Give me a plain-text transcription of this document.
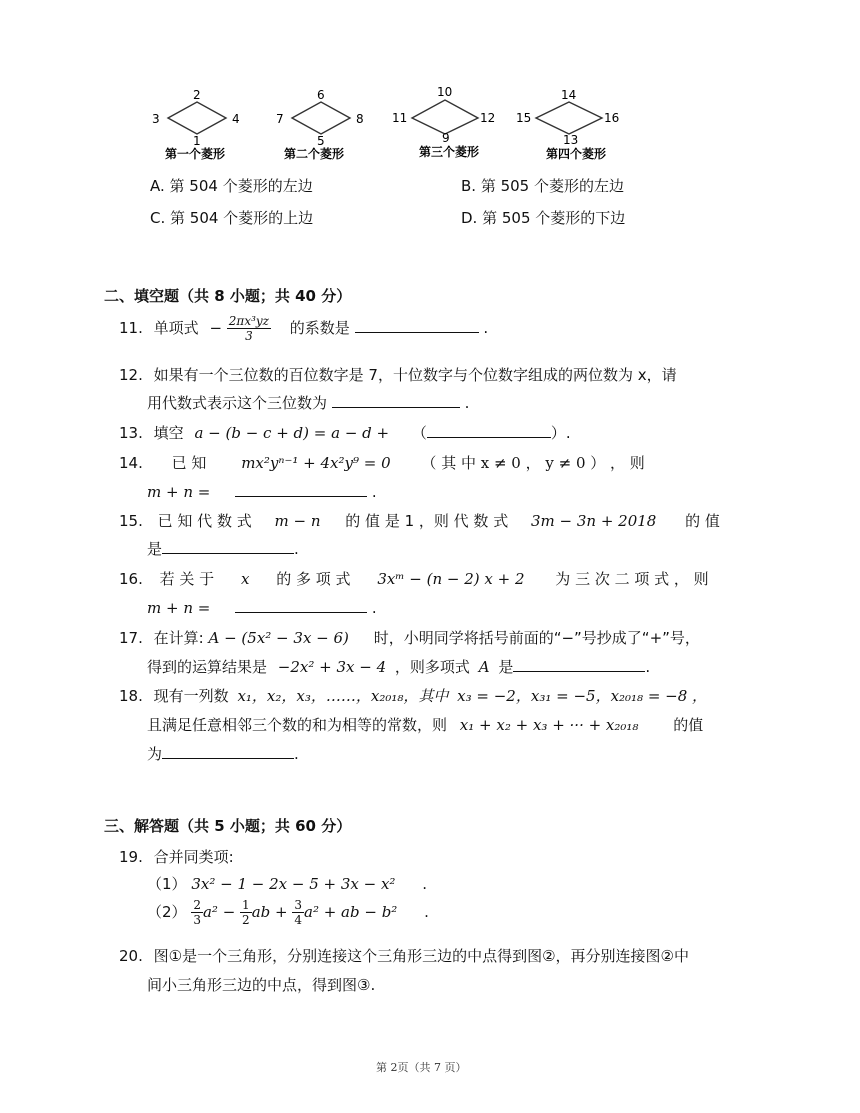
2
3	4
1
第一个菱形
6
7	8
5
第二个菱形
10
11	12
9
第三个菱形
14
15	16
13
第四个菱形
A. 第 504 个菱形的左边	B. 第 505 个菱形的左边
C. 第 504 个菱形的上边	D. 第 505 个菱形的下边
二、填空题（共 8 小题；共 40 分）
11. 单项式 − $\frac{\text{2πx³yz}}{3}$ 的系数是	.
12. 如果有一个三位数的百位数字是 7，十位数字与个位数字组成的两位数为 x，请
用代数式表示这个三位数为	.
13. 填空 a − (b − c + d) = a − d + （	）.
14. 已 知 mx²yⁿ⁻¹ + 4x²y⁹ = 0 （ 其 中 x ≠ 0 ， y ≠ 0 ） ， 则
m + n =	.
15. 已 知 代 数 式 m − n 的 值 是 1 ，则 代 数 式 3m − 3n + 2018 的 值
是	.
16. 若 关 于 x 的 多 项 式 3xᵐ − (n − 2) x + 2 为 三 次 二 项 式 ， 则
m + n =	.
17. 在计算: A − (5x² − 3x − 6) 时，小明同学将括号前面的“−”号抄成了“+”号，
得到的运算结果是 −2x² + 3x − 4 ，则多项式 A 是	.
18. 现有一列数 x₁，x₂，x₃，……，x₂₀₁₈，其中 x₃ = −2，x₃₁ = −5，x₂₀₁₈ = −8 ，
且满足任意相邻三个数的和为相等的常数，则 x₁ + x₂ + x₃ + ··· + x₂₀₁₈ 的值
为	.
三、解答题（共 5 小题；共 60 分）
19. 合并同类项:
（1） 3x² − 1 − 2x − 5 + 3x − x² .
$(2) \frac{2}{3} a^2 - \frac{1}{2}$ ab + $\frac{3}{4} a^2$ + ab − b² .
20. 图①是一个三角形，分别连接这个三角形三边的中点得到图②，再分别连接图②中
间小三角形三边的中点，得到图③.
第 2页（共 7 页）
